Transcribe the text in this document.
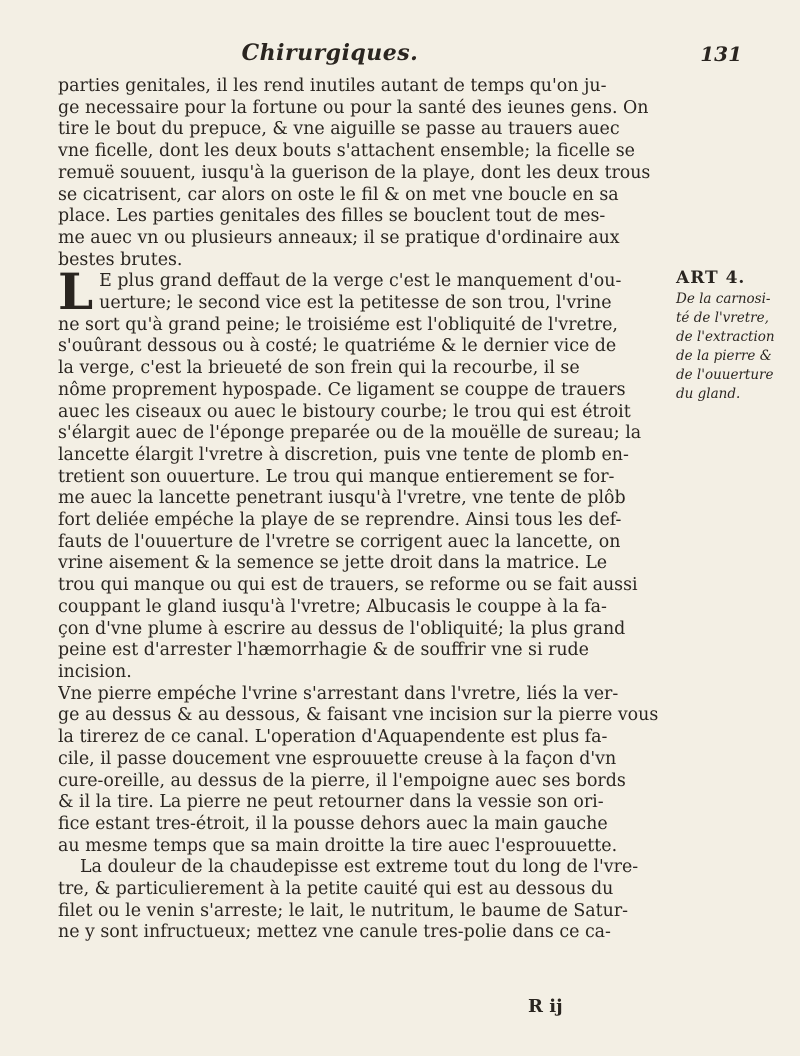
Chirurgiques.	131
parties genitales, il les rend inutiles autant de temps qu'on ju-
ge necessaire pour la fortune ou pour la santé des ieunes gens. On
tire le bout du prepuce, & vne aiguille se passe au trauers auec
vne ficelle, dont les deux bouts s'attachent ensemble; la ficelle se
remuë souuent, iusqu'à la guerison de la playe, dont les deux trous
se cicatrisent, car alors on oste le fil & on met vne boucle en sa
place. Les parties genitales des filles se bouclent tout de mes-
me auec vn ou plusieurs anneaux; il se pratique d'ordinaire aux
bestes brutes.
L E plus grand deffaut de la verge c'est le manquement d'ou-
uerture; le second vice est la petitesse de son trou, l'vrine
ne sort qu'à grand peine; le troisiéme est l'obliquité de l'vretre,
s'ouûrant dessous ou à costé; le quatriéme & le dernier vice de
la verge, c'est la brieueté de son frein qui la recourbe, il se
nôme proprement hypospade. Ce ligament se couppe de trauers
auec les ciseaux ou auec le bistoury courbe; le trou qui est étroit
s'élargit auec de l'éponge preparée ou de la mouëlle de sureau; la
lancette élargit l'vretre à discretion, puis vne tente de plomb en-
tretient son ouuerture. Le trou qui manque entierement se for-
me auec la lancette penetrant iusqu'à l'vretre, vne tente de plôb
fort deliée empéche la playe de se reprendre. Ainsi tous les def-
fauts de l'ouuerture de l'vretre se corrigent auec la lancette, on
vrine aisement & la semence se jette droit dans la matrice. Le
trou qui manque ou qui est de trauers, se reforme ou se fait aussi
couppant le gland iusqu'à l'vretre; Albucasis le couppe à la fa-
çon d'vne plume à escrire au dessus de l'obliquité; la plus grand
peine est d'arrester l'hæmorrhagie & de souffrir vne si rude
incision.
Vne pierre empéche l'vrine s'arrestant dans l'vretre, liés la ver-
ge au dessus & au dessous, & faisant vne incision sur la pierre vous
la tirerez de ce canal. L'operation d'Aquapendente est plus fa-
cile, il passe doucement vne esprouuette creuse à la façon d'vn
cure-oreille, au dessus de la pierre, il l'empoigne auec ses bords
& il la tire. La pierre ne peut retourner dans la vessie son ori-
fice estant tres-étroit, il la pousse dehors auec la main gauche
au mesme temps que sa main droitte la tire auec l'esprouuette.
La douleur de la chaudepisse est extreme tout du long de l'vre-
tre, & particulierement à la petite cauité qui est au dessous du
filet ou le venin s'arreste; le lait, le nutritum, le baume de Satur-
ne y sont infructueux; mettez vne canule tres-polie dans ce ca-
ART 4.
De la carnosi-
té de l'vretre,
de l'extraction
de la pierre &
de l'ouuerture
du gland.
R ij
